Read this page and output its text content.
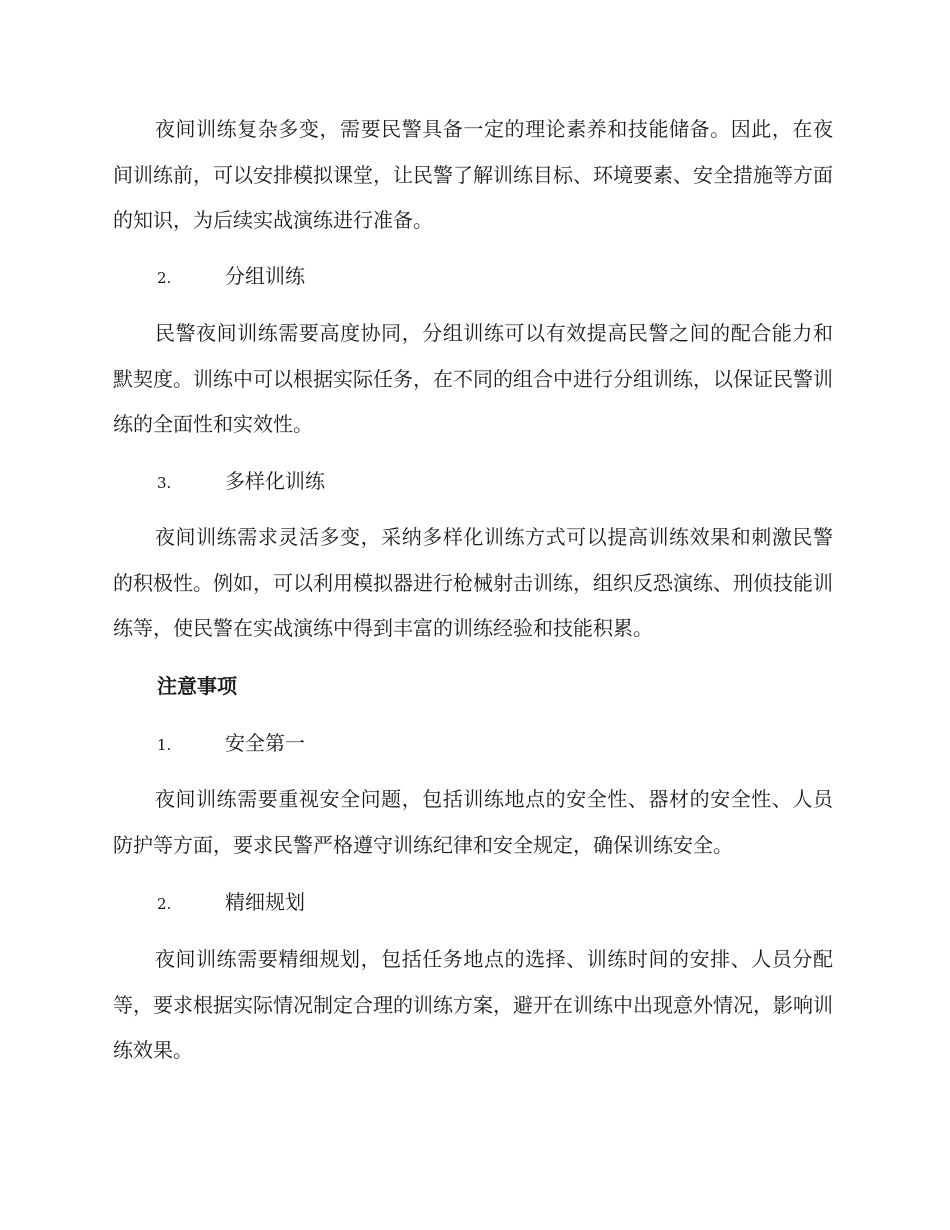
夜间训练复杂多变，需要民警具备一定的理论素养和技能储备。因此，在夜间训练前，可以安排模拟课堂，让民警了解训练目标、环境要素、安全措施等方面的知识，为后续实战演练进行准备。

2.	分组训练

民警夜间训练需要高度协同，分组训练可以有效提高民警之间的配合能力和默契度。训练中可以根据实际任务，在不同的组合中进行分组训练，以保证民警训练的全面性和实效性。

3.	多样化训练

夜间训练需求灵活多变，采纳多样化训练方式可以提高训练效果和刺激民警的积极性。例如，可以利用模拟器进行枪械射击训练，组织反恐演练、刑侦技能训练等，使民警在实战演练中得到丰富的训练经验和技能积累。

注意事项
1.	安全第一

夜间训练需要重视安全问题，包括训练地点的安全性、器材的安全性、人员防护等方面，要求民警严格遵守训练纪律和安全规定，确保训练安全。

2.	精细规划

夜间训练需要精细规划，包括任务地点的选择、训练时间的安排、人员分配等，要求根据实际情况制定合理的训练方案，避开在训练中出现意外情况，影响训练效果。
